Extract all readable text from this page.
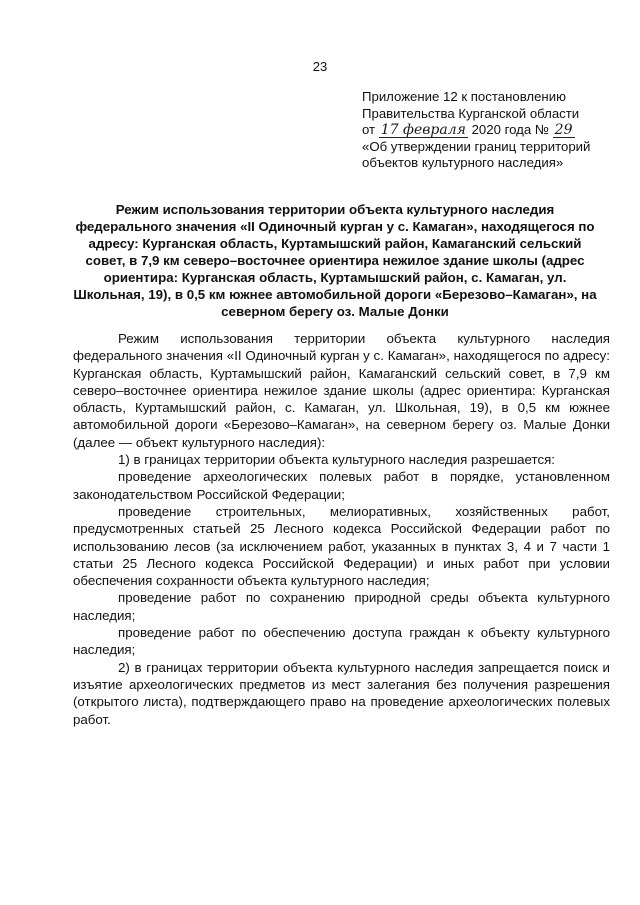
23
Приложение 12 к постановлению
Правительства Курганской области
от 17 февраля 2020 года № 29
«Об утверждении границ территорий
объектов культурного наследия»

Режим использования территории объекта культурного наследия федерального значения «II Одиночный курган у с. Камаган», находящегося по адресу: Курганская область, Куртамышский район, Камаганский сельский совет, в 7,9 км северо–восточнее ориентира нежилое здание школы (адрес ориентира: Курганская область, Куртамышский район, с. Камаган, ул. Школьная, 19), в 0,5 км южнее автомобильной дороги «Березово–Камаган», на северном берегу оз. Малые Донки

Режим использования территории объекта культурного наследия федерального значения «II Одиночный курган у с. Камаган», находящегося по адресу: Курганская область, Куртамышский район, Камаганский сельский совет, в 7,9 км северо–восточнее ориентира нежилое здание школы (адрес ориентира: Курганская область, Куртамышский район, с. Камаган, ул. Школьная, 19), в 0,5 км южнее автомобильной дороги «Березово–Камаган», на северном берегу оз. Малые Донки (далее — объект культурного наследия):

1) в границах территории объекта культурного наследия разрешается:

проведение археологических полевых работ в порядке, установленном законодательством Российской Федерации;

проведение строительных, мелиоративных, хозяйственных работ, предусмотренных статьей 25 Лесного кодекса Российской Федерации работ по использованию лесов (за исключением работ, указанных в пунктах 3, 4 и 7 части 1 статьи 25 Лесного кодекса Российской Федерации) и иных работ при условии обеспечения сохранности объекта культурного наследия;

проведение работ по сохранению природной среды объекта культурного наследия;

проведение работ по обеспечению доступа граждан к объекту культурного наследия;

2) в границах территории объекта культурного наследия запрещается поиск и изъятие археологических предметов из мест залегания без получения разрешения (открытого листа), подтверждающего право на проведение археологических полевых работ.
